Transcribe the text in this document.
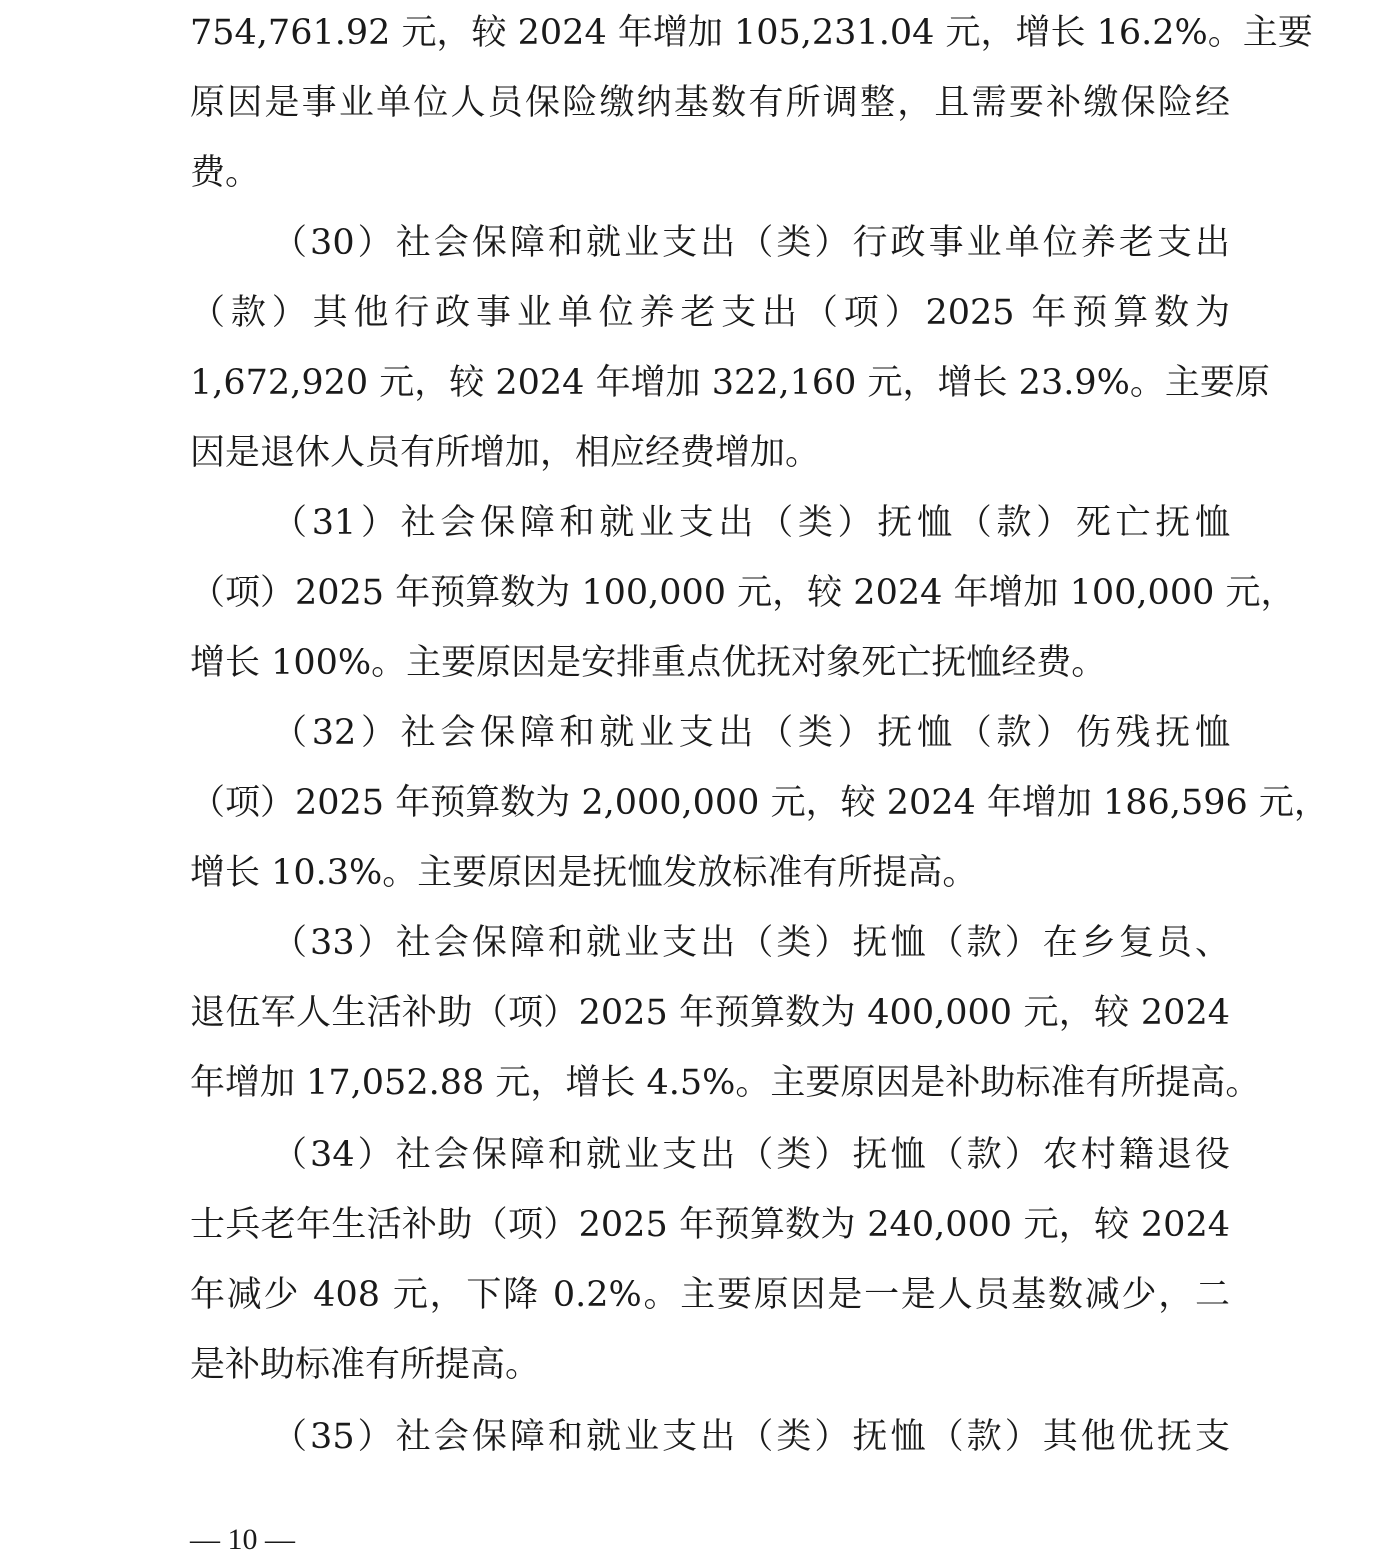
754,761.92 元，较 2024 年增加 105,231.04 元，增长 16.2%。主要
原因是事业单位人员保险缴纳基数有所调整，且需要补缴保险经
费。
（30）社会保障和就业支出（类）行政事业单位养老支出
（款）其他行政事业单位养老支出（项）2025 年预算数为
1,672,920 元，较 2024 年增加 322,160 元，增长 23.9%。主要原
因是退休人员有所增加，相应经费增加。
（31）社会保障和就业支出（类）抚恤（款）死亡抚恤
（项）2025 年预算数为 100,000 元，较 2024 年增加 100,000 元，
增长 100%。主要原因是安排重点优抚对象死亡抚恤经费。
（32）社会保障和就业支出（类）抚恤（款）伤残抚恤
（项）2025 年预算数为 2,000,000 元，较 2024 年增加 186,596 元，
增长 10.3%。主要原因是抚恤发放标准有所提高。
（33）社会保障和就业支出（类）抚恤（款）在乡复员、
退伍军人生活补助（项）2025 年预算数为 400,000 元，较 2024
年增加 17,052.88 元，增长 4.5%。主要原因是补助标准有所提高。
（34）社会保障和就业支出（类）抚恤（款）农村籍退役
士兵老年生活补助（项）2025 年预算数为 240,000 元，较 2024
年减少 408 元，下降 0.2%。主要原因是一是人员基数减少，二
是补助标准有所提高。
（35）社会保障和就业支出（类）抚恤（款）其他优抚支
— 10 —
